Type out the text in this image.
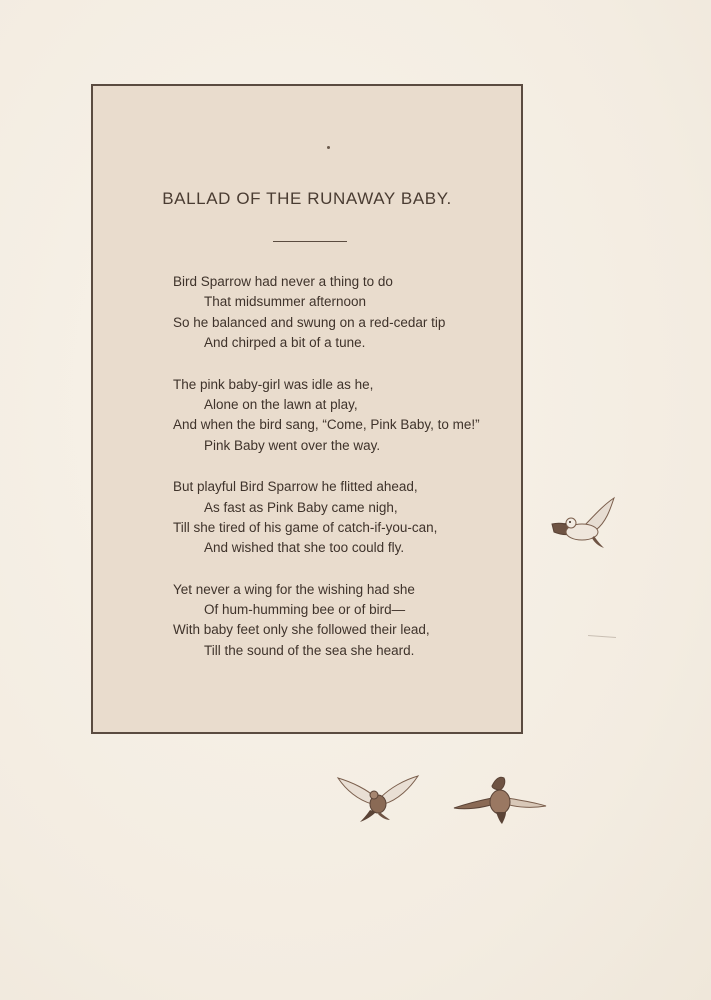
BALLAD OF THE RUNAWAY BABY.
Bird Sparrow had never a thing to do
That midsummer afternoon
So he balanced and swung on a red-cedar tip
And chirped a bit of a tune.
The pink baby-girl was idle as he,
Alone on the lawn at play,
And when the bird sang, “Come, Pink Baby, to me!”
Pink Baby went over the way.
But playful Bird Sparrow he flitted ahead,
As fast as Pink Baby came nigh,
Till she tired of his game of catch-if-you-can,
And wished that she too could fly.
Yet never a wing for the wishing had she
Of hum-humming bee or of bird—
With baby feet only she followed their lead,
Till the sound of the sea she heard.
